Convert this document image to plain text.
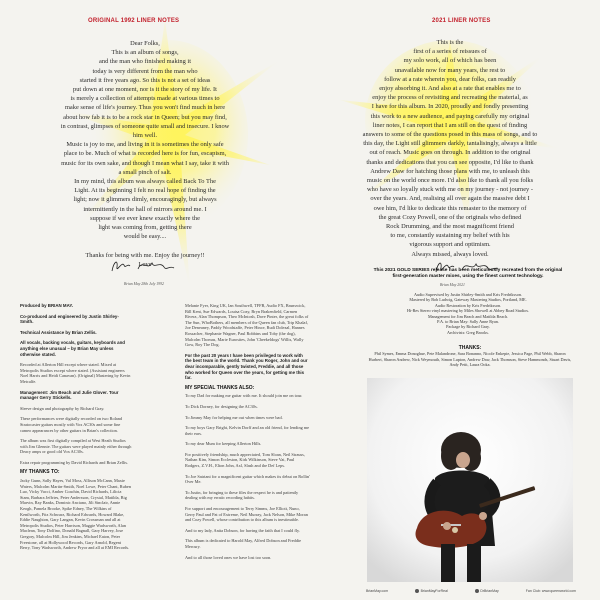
ORIGINAL 1992 LINER NOTES
Dear Folks,
This is an album of songs,
and the man who finished making it
today is very different from the man who
started it five years ago. So this is not a set of ideas
put down at one moment, nor is it the story of my life. It
is merely a collection of attempts made at various times to
make sense of life's journey. Thus you won't find much in here
about how fab it is to be a rock star in Queen; but you may find,
in contrast, glimpses of someone quite small and insecure. I know
him well.
Music is joy to me, and living in it is sometimes the only safe
place to be. Much of what is recorded here is for fun, escapism,
music for its own sake, and though I mean what I say, take it with
a small pinch of salt.
In my mind, this album was always called Back To The
Light. At its beginning I felt no real hope of finding the
light; now it glimmers dimly, encouragingly, but always
intermittently in the hall of mirrors around me. I
suppose if we ever knew exactly where the
light was coming from, getting there
would be easy....

Thanks for being with me. Enjoy the journey!!
Love
Brian May 28th July 1992
2021 LINER NOTES
This is the
first of a series of reissues of
my solo work, all of which has been
unavailable now for many years, the rest to
follow at a rate wherein you, dear folks, can readily
enjoy absorbing it. And also at a rate that enables me to
enjoy the process of revisiting and recreating the material, as
I have for this album. In 2020, proudly and fondly presenting
this work to a new audience, and paying carefully my original
liner notes, I can report that I am still on the quest of finding
answers to some of the questions posed in this mass of songs, and to
this day, the Light still glimmers darkly, tantalisingly, always a little
out of reach. Music goes on through. In addition to the original
thanks and dedications that you can see opposite, I'd like to thank
Andrew Daw for hatching those plans with me, to unleash this
music on the world once more. I'd also like to thank all you folks
who have so loyally stuck with me on my journey - not journey -
over the years. And, realising all over again the massive debt I
owe him, I'd like to dedicate this remaster to the memory of
the great Cozy Powell, one of the originals who defined
Rock Drumming, and the most magnificent friend
to me, constantly sustaining my belief with his
vigorous support and optimism.
Always missed, always loved.
Brian May 2021

Produced by BRIAN MAY.

Co-produced and engineered by Justin Shirley-Smith.

Technical Assistance by Brian Zellis.

All vocals, backing vocals, guitars, keyboards and anything else unusual – by Brian May unless otherwise stated.

Recorded at Allerton Hill except where stated. Mixed at Metropolis Studios except where stated. (Assistant engineers Noel Harris and Heidi Canavan). (Original) Mastering by Kevin Metcalfe.

Management: Jim Beach and Julie Glover. Tour manager Gerry Stickells.

Sleeve design and photography by Richard Gray.

These performances were digitally recorded on two Roland Stratocaster guitars mostly with Vox AC30s and some fine cameo appearances by other guitars in Brian's collection.

The album was first digitally compiled at West Heath Studios with Jim Glennie. The guitars were played mainly either through Deacy amps or good old Vox AC30s.

Extra repair programming by David Richards and Brian Zellis.

MY THANKS TO:

Jacky Gunn, Sally Hayes, Val Moss, Allison McCann, Maxie Waters, Malcolm Martin-Smith, Noel Lowe, Peter Chant, Ruben Luo, Vicky Vacci, Amber Coachin, David Richards, Lilicia Stam, Barbara Jeffries, Peter Andersson, Crystal, Matilda, Big Marvin, Ray Banks, Dominic Anciano, Jili Sinclair, Annie Keogh, Pamela Brooke, Spike Edney, The Wilkins of Kenilworth, Fitz Schwarz, Richard Edwards, Howard Blake, Eddie Naughton, Gary Langan, Kevin Crossman and all at Metropolis Studios, Peter Harrison, Maggie Wadsworth, Alan Maclean, Tony Dolfino, Donald Bagnall, Gary Harvey, Jose Gregory, Malcolm Hill, Jim Jenkins, Michael Eaton, Peter Freestone, all at Hollywood Records, Gary Arnold, Regent Berry, Tony Wadsworth, Andrew Pryor and all at EMI Records.

Melanie Fyer, King UK, Ian Southwell, TFFB, Audio FX, Brunswick, Bill Kent, Sue Edwards, Louisa Cozy, Bryn Brakenfield, Carmen Rivera, Alan Thompson, Theo McIntosh, Dave Pinter, the great folks of The Sun, WhoBothers, all members of the Queen fan club, Trip Khalaf, Joe Deneaney, Paddy Woodstaffe, Peter Hince, Rudi Dolezal, Hannes Rossacher, Stephanie Wagner, Paul Robbins and Toby (the dog), Malcolm Thomas, Marie Eurosites, John 'Cheekeldogs' Willis, Wally Gow, Roy The Dog.

For the past 20 years I have been privileged to work with the best team in the world. Thank you Roger, John and our dear incomparable, gently twisted, Freddie, and all those who worked for Queen over the years, for getting me this far.

MY SPECIAL THANKS ALSO:

To my Dad for making me guitar with me. It should join me on tour.

To Dick Dorney, for designing the AC30s.

To Jimmy May for helping me out when times were bad.

To my boys Gary Bright, Kelvin Dorff and an old friend, for lending me their ears.

To my dear Mum for keeping Allerton Hills.

For positively friendship, much appreciated, Tom Sloan, Neil Strauss, Nathan Kim, Simon Eccleston, Kirk Wilkinson, Steve Vai, Paul Rodgers, Z.V.H., Elton John, Axl, Slash and the Def Leps.

To Joe Satriani for a magnificent guitar which makes its debut on Rollin' Over Me.

To Justin, for bringing to these files the respect he is and patiently dealing with my erratic recording habits.

For support and encouragement to Terry Simms, Joe Elliott, Nuno, Gerry Paul and Pat of Extreme, Neil Murray, Jack Nelson, Mike Moran and Cozy Powell, whose contribution to this album is inestimable.

And to my lady, Anita Dobson, for having the faith that I could fly.

This album is dedicated to Harold May, Alfred Dobson and Freddie Mercury.

And to all those loved ones we have lost too soon.

This 2021 GOLD SERIES release has been meticulously recreated from the original first-generation master mixes, using the finest current technology.
Audio Supervised by Justin Shirley-Smith and Kris Fredriksson.
Mastered by Bob Ludwig, Gateway Mastering Studios, Portland, ME.
Audio Restoration by Kris Fredriksson.
Hi-Res Stereo vinyl mastering by Miles Showell at Abbey Road Studios.
Management for Jim Beach and Matilda Beach.
P.A. to Brian May: Sally Anne Ryan.
Package by Richard Gray.
Archivists: Greg Brooks.
THANKS:
Phil Symes, Emma Donoghue, Pete Malandrone, Sara Bonanno, Nicole Enkepie, Jessica Page, Phil Webb, Sharon Hurbert, Sharon Andrew, Nick Weymouth, Simon Lupton, Andrew Daw, Jack Thomson, Steve Hammonds, Stuart Davis, Andy Petit, Laura Ooka.
BrianMay.com	BrianMayForReal	DrBrianMay	Fan Club: www.queenworld.com
